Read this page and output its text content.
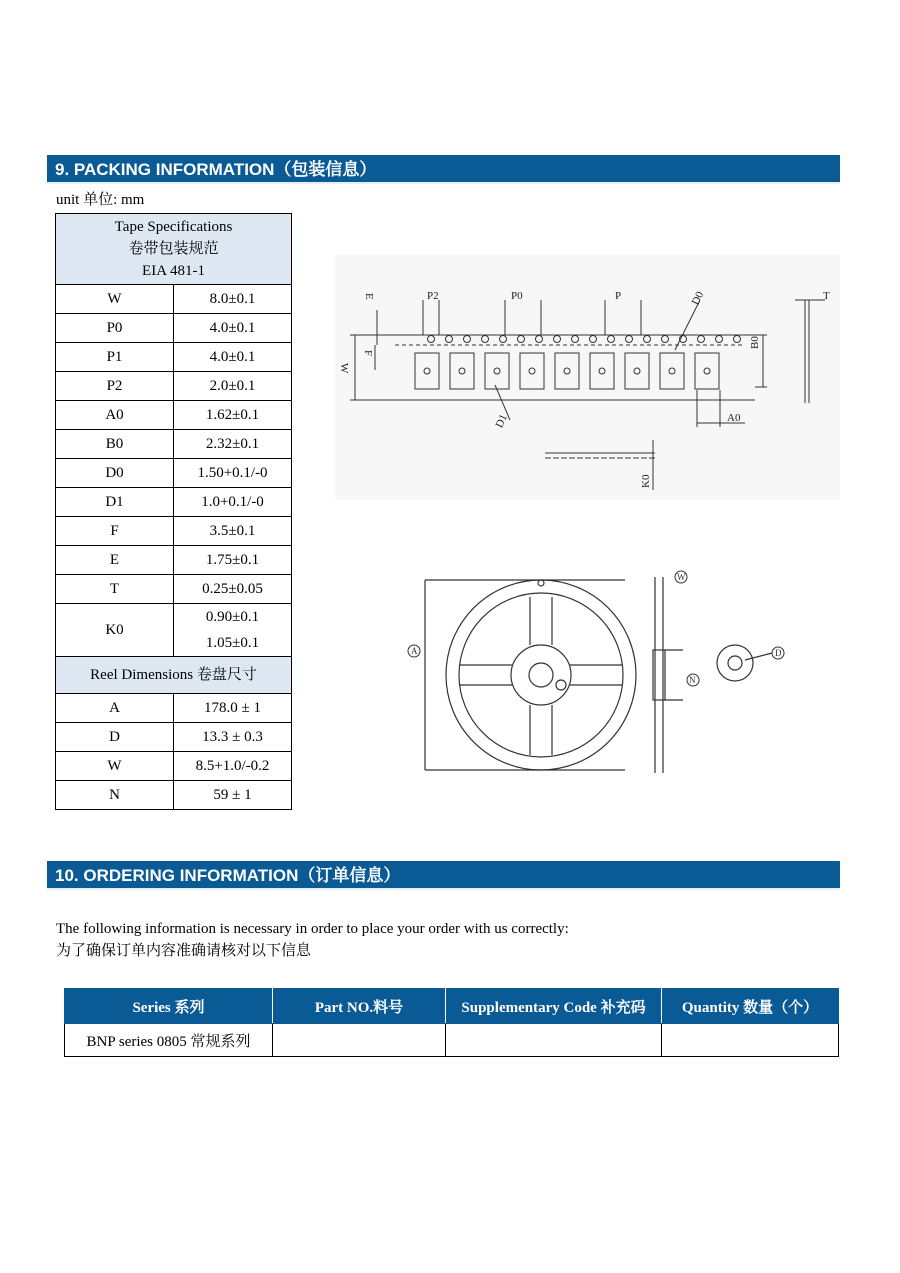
9. PACKING INFORMATION（包装信息）
unit 单位: mm
Tape Specifications
卷带包装规范
EIA 481-1	

W	8.0±0.1
P0	4.0±0.1
P1	4.0±0.1
P2	2.0±0.1
A0	1.62±0.1
B0	2.32±0.1
D0	1.50+0.1/-0
D1	1.0+0.1/-0
F	3.5±0.1
E	1.75±0.1
T	0.25±0.05
K0	0.90±0.1
1.05±0.1

Reel Dimensions 卷盘尺寸	
A	178.0 ± 1
D	13.3 ± 0.3
W	8.5+1.0/-0.2
N	59 ± 1
P2	P0	P	D0	T
E
F
W
B0
D1	A0
K0
A
W
N
D
10. ORDERING INFORMATION（订单信息）
The following information is necessary in order to place your order with us correctly:
为了确保订单内容准确请核对以下信息
Series 系列	Part NO.料号	Supplementary Code 补充码	Quantity 数量（个）
BNP series 0805 常规系列			
